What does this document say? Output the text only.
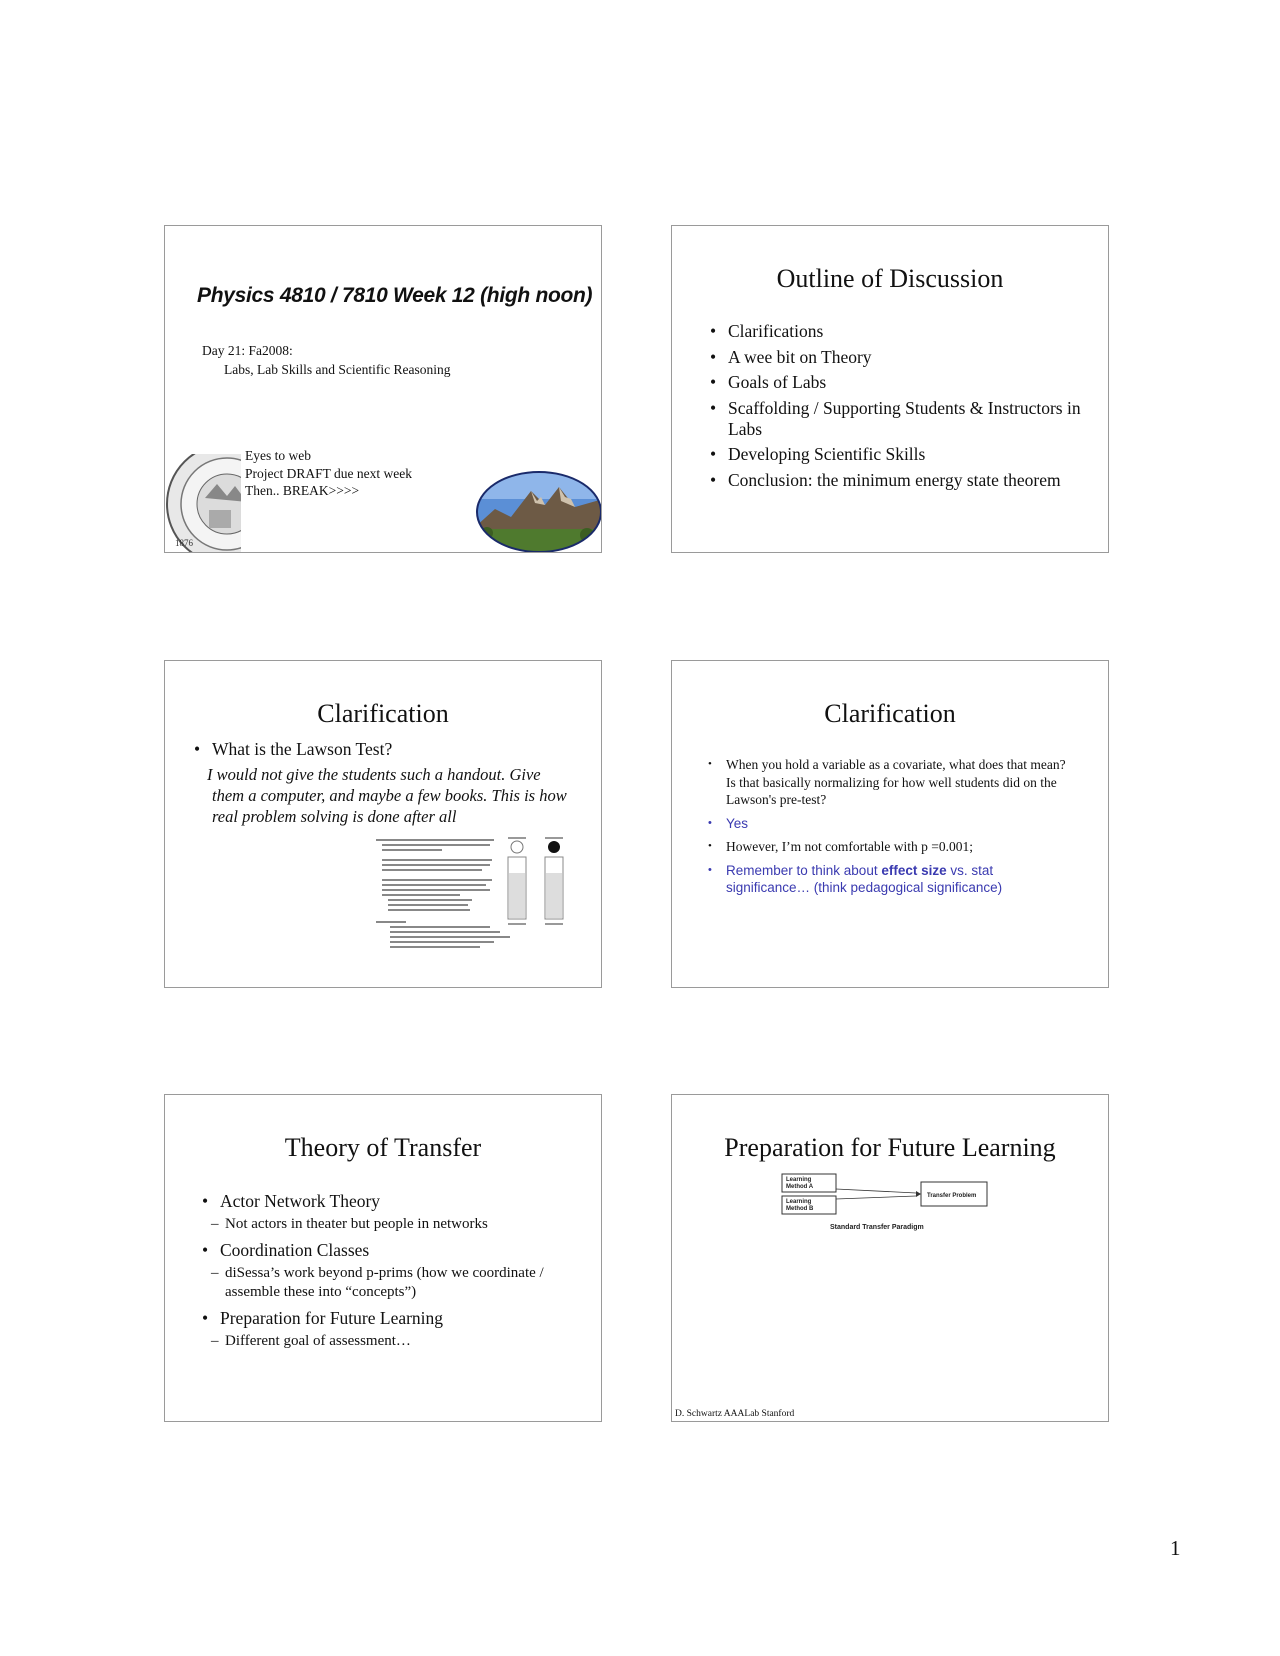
Physics 4810 / 7810 Week 12 (high noon)
Day 21: Fa2008:
Labs, Lab Skills and Scientific Reasoning
Eyes to web
Project DRAFT due next week
Then.. BREAK>>>>
1876
Outline of Discussion
• Clarifications
• A wee bit on Theory
• Goals of Labs
• Scaffolding / Supporting Students & Instructors in Labs
• Developing Scientific Skills
• Conclusion: the minimum energy state theorem
Clarification
• What is the Lawson Test?
I would not give the students such a handout. Give them a computer, and maybe a few books. This is how real problem solving is done after all
Clarification
• When you hold a variable as a covariate, what does that mean? Is that basically normalizing for how well students did on the Lawson's pre-test?
• Yes
• However, I’m not comfortable with p =0.001;
• Remember to think about effect size vs. stat significance… (think pedagogical significance)
Theory of Transfer
• Actor Network Theory
– Not actors in theater but people in networks
• Coordination Classes
– diSessa’s work beyond p-prims (how we coordinate / assemble these into “concepts”)
• Preparation for Future Learning
– Different goal of assessment…
Preparation for Future Learning
Learning
Method A
Learning
Method B
Transfer Problem
Standard Transfer Paradigm
D. Schwartz AAALab Stanford
1
